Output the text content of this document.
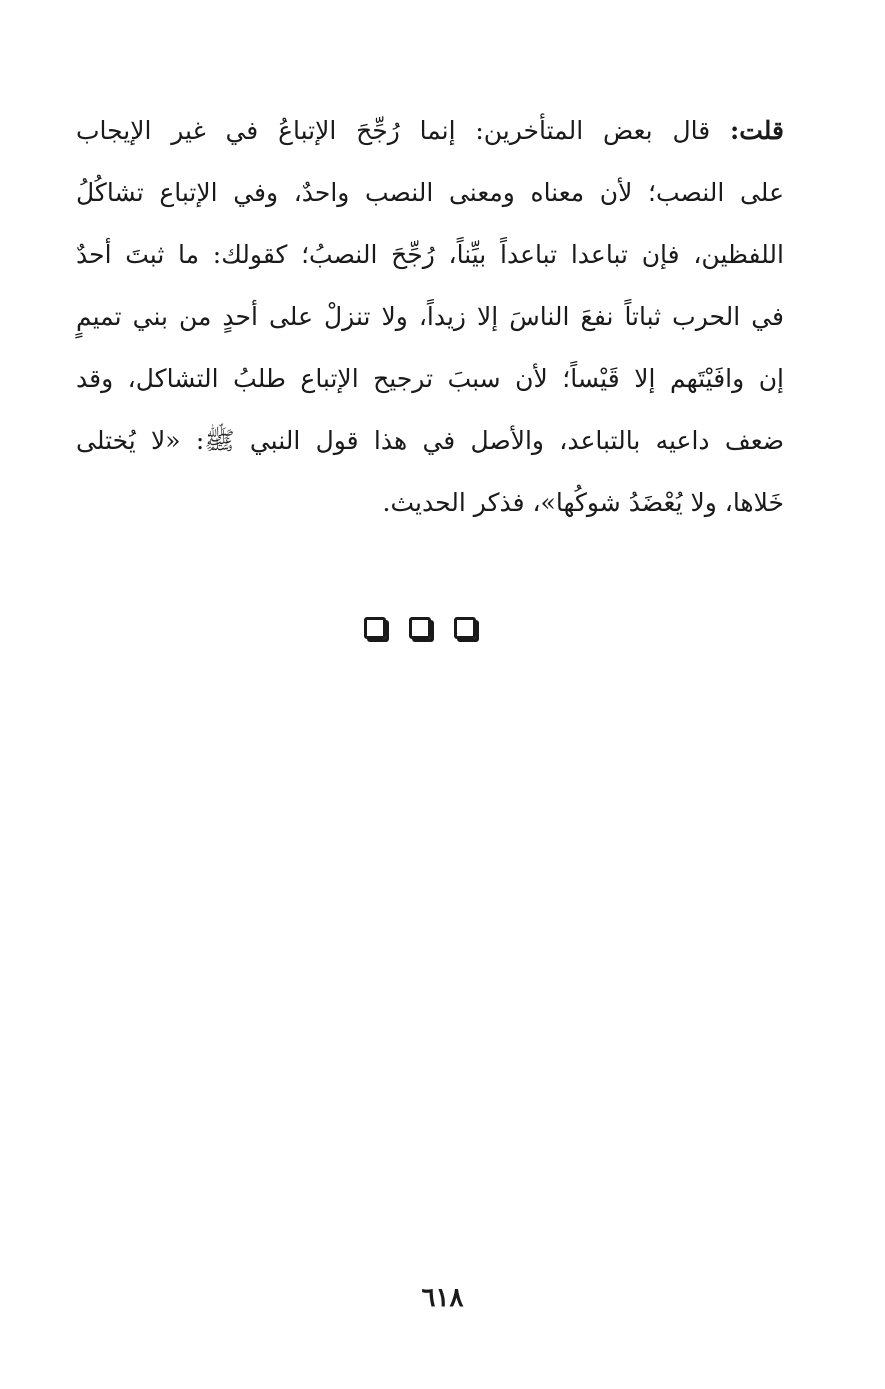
قلت: قال بعض المتأخرين: إنما رُجِّحَ الإتباعُ في غير الإيجاب
على النصب؛ لأن معناه ومعنى النصب واحدٌ، وفي الإتباع تشاكُلُ
اللفظين، فإن تباعدا تباعداً بيِّناً، رُجِّحَ النصبُ؛ كقولك: ما ثبتَ أحدٌ
في الحرب ثباتاً نفعَ الناسَ إلا زيداً، ولا تنزلْ على أحدٍ من بني تميمٍ
إن وافَيْتَهم إلا قَيْساً؛ لأن سببَ ترجيح الإتباع طلبُ التشاكل، وقد
ضعف داعيه بالتباعد، والأصل في هذا قول النبي ﷺ: «لا يُختلى
خَلاها، ولا يُعْضَدُ شوكُها»، فذكر الحديث.
٦١٨
